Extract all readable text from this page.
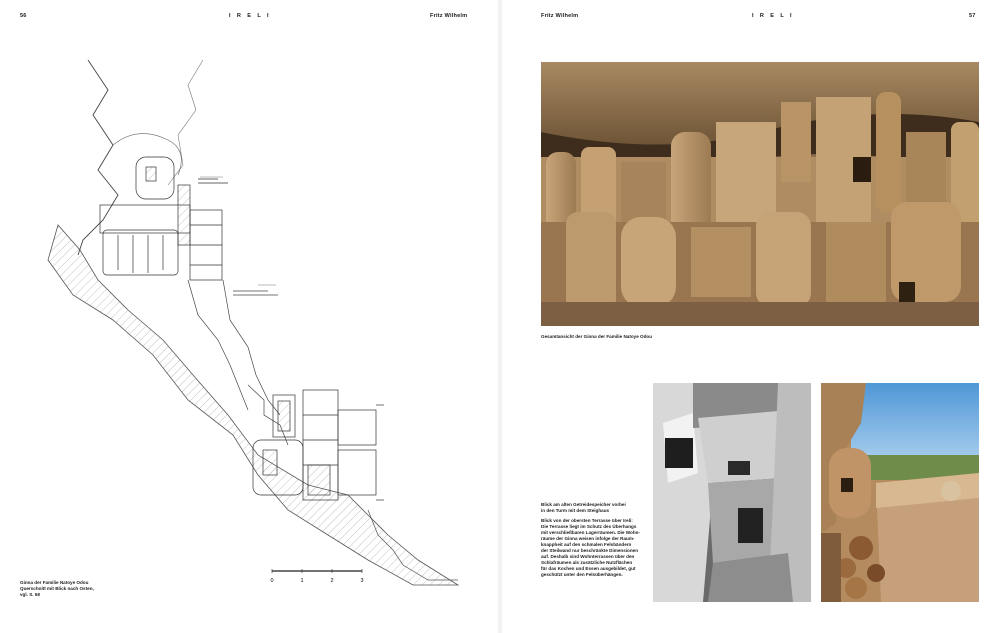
56	I R E L I	Fritz Wilhelm	Fritz Wilhelm	I R E L I	57
0	1	2	3
Ginna der Familie Natoye Odou
Querschnitt mit Blick nach Osten,
vgl. S. 58
Gesamtansicht der Ginna der Familie Natoye Odou

Blick am alten Getreidespeicher vorbei
in den Turm mit dem Steighaus

Blick von der obersten Terrasse über Ireli:
Die Terrasse liegt im Schutz des Überhangs
mit verschließbaren Lagerräumen. Die Wohn-
räume der Ginna weisen infolge der Raum-
knappheit auf den schmalen Felsbändern
der Steilwand nur beschränkte Dimensionen
auf. Deshalb sind Wohnterrassen über den
Schlafräumen als zusätzliche Nutzflächen
für das Kochen und Essen ausgebildet, gut
geschützt unter den Felsüberhängen.
